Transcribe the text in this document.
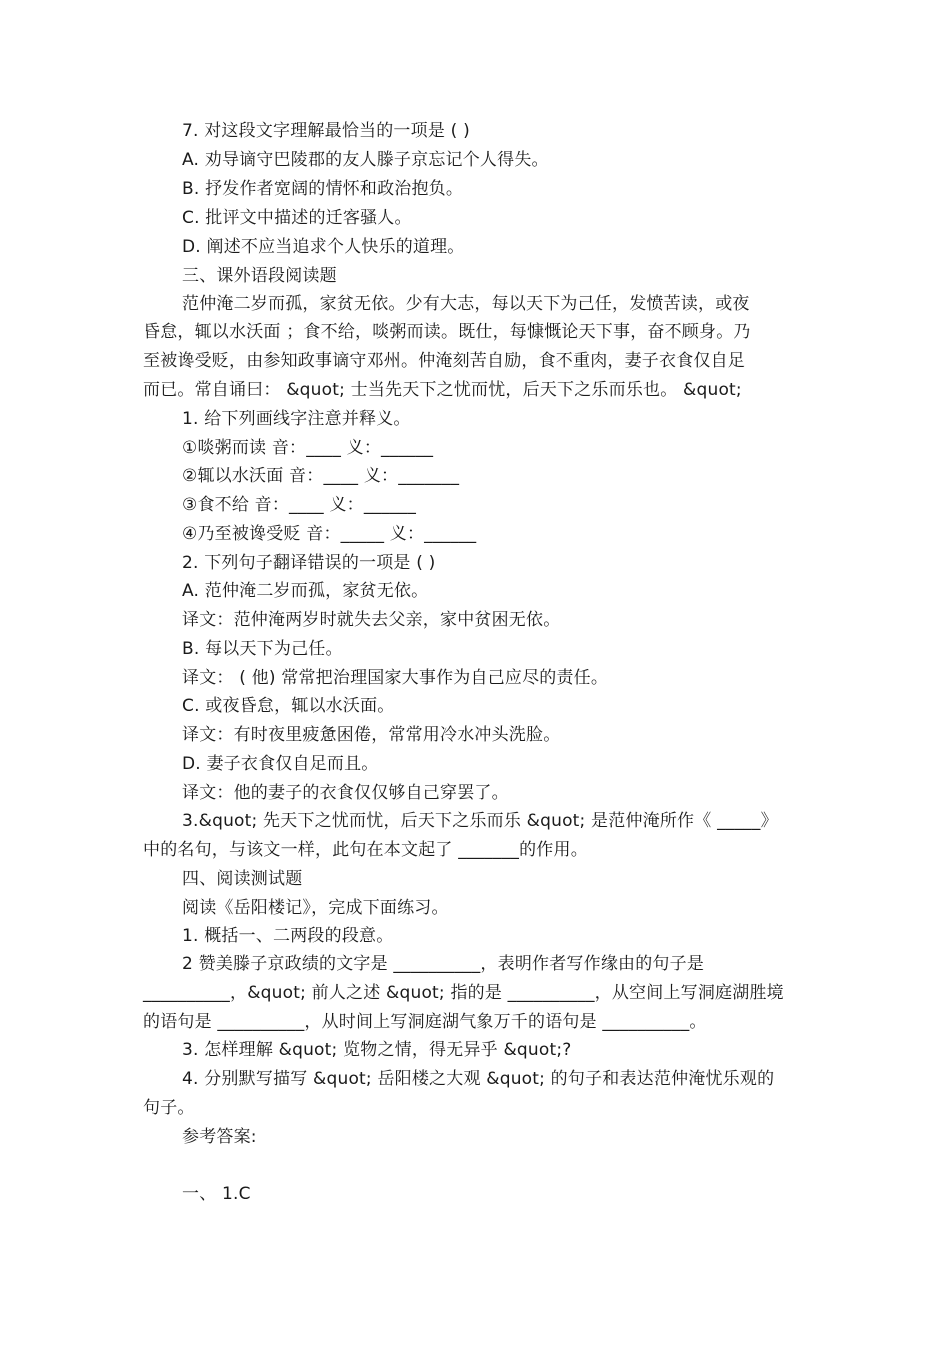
7. 对这段文字理解最恰当的一项是 ( )
A. 劝导谪守巴陵郡的友人滕子京忘记个人得失。
B. 抒发作者宽阔的情怀和政治抱负。
C. 批评文中描述的迁客骚人。
D. 阐述不应当追求个人快乐的道理。
三、课外语段阅读题
范仲淹二岁而孤，家贫无依。少有大志，每以天下为己任，发愤苦读，或夜
昏怠，辄以水沃面 ；食不给，啖粥而读。既仕，每慷慨论天下事，奋不顾身。乃
至被谗受贬，由参知政事谪守邓州。仲淹刻苦自励，食不重肉，妻子衣食仅自足
而已。常自诵曰： &quot; 士当先天下之忧而忧，后天下之乐而乐也。 &quot;
1. 给下列画线字注意并释义。
①啖粥而读 音：____ 义：______
②辄以水沃面 音：____ 义：_______
③食不给 音：____ 义：______
④乃至被谗受贬 音：_____ 义：______
2. 下列句子翻译错误的一项是 ( )
A. 范仲淹二岁而孤，家贫无依。
译文：范仲淹两岁时就失去父亲，家中贫困无依。
B. 每以天下为己任。
译文： ( 他) 常常把治理国家大事作为自己应尽的责任。
C. 或夜昏怠，辄以水沃面。
译文：有时夜里疲惫困倦，常常用冷水冲头洗脸。
D. 妻子衣食仅自足而且。
译文：他的妻子的衣食仅仅够自己穿罢了。
3.&quot; 先天下之忧而忧，后天下之乐而乐 &quot; 是范仲淹所作《 _____》
中的名句，与该文一样，此句在本文起了 _______的作用。
四、阅读测试题
阅读《岳阳楼记》，完成下面练习。
1. 概括一、二两段的段意。
2 赞美滕子京政绩的文字是 __________，表明作者写作缘由的句子是
__________，&quot; 前人之述 &quot; 指的是 __________，从空间上写洞庭湖胜境
的语句是 __________，从时间上写洞庭湖气象万千的语句是 __________。
3. 怎样理解 &quot; 览物之情，得无异乎 &quot;?
4. 分别默写描写 &quot; 岳阳楼之大观 &quot; 的句子和表达范仲淹忧乐观的
句子。
参考答案:
一、 1.C
